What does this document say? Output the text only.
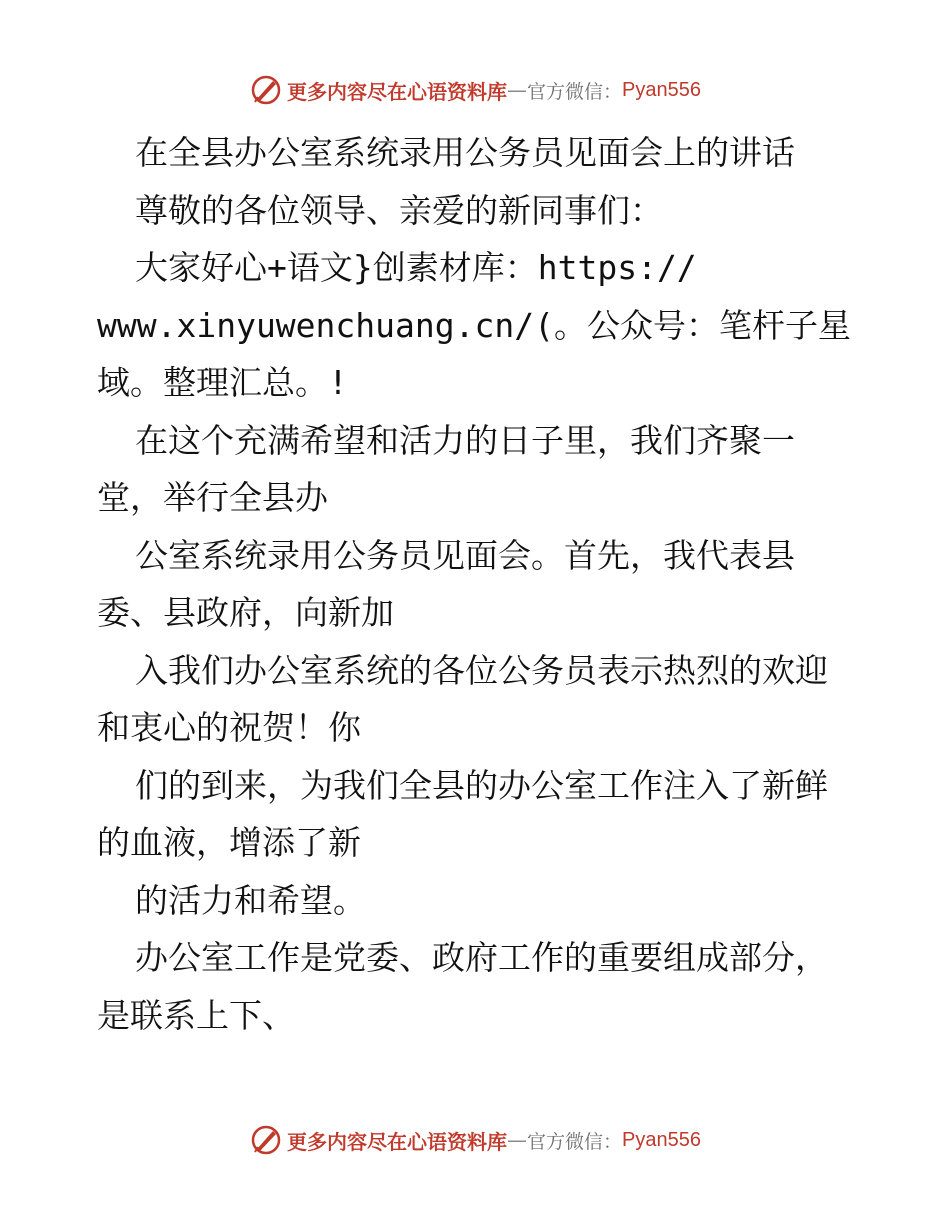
更多内容尽在心语资料库 — 官方微信： Pyan556

在全县办公室系统录用公务员见面会上的讲话

尊敬的各位领导、亲爱的新同事们：

大家好心+语文}创素材库：https://

www.xinyuwenchuang.cn/(。公众号：笔杆子星

域。整理汇总。!

在这个充满希望和活力的日子里，我们齐聚一

堂，举行全县办

公室系统录用公务员见面会。首先，我代表县

委、县政府，向新加

入我们办公室系统的各位公务员表示热烈的欢迎

和衷心的祝贺！你

们的到来，为我们全县的办公室工作注入了新鲜

的血液，增添了新

的活力和希望。

办公室工作是党委、政府工作的重要组成部分，

是联系上下、

更多内容尽在心语资料库 — 官方微信： Pyan556
